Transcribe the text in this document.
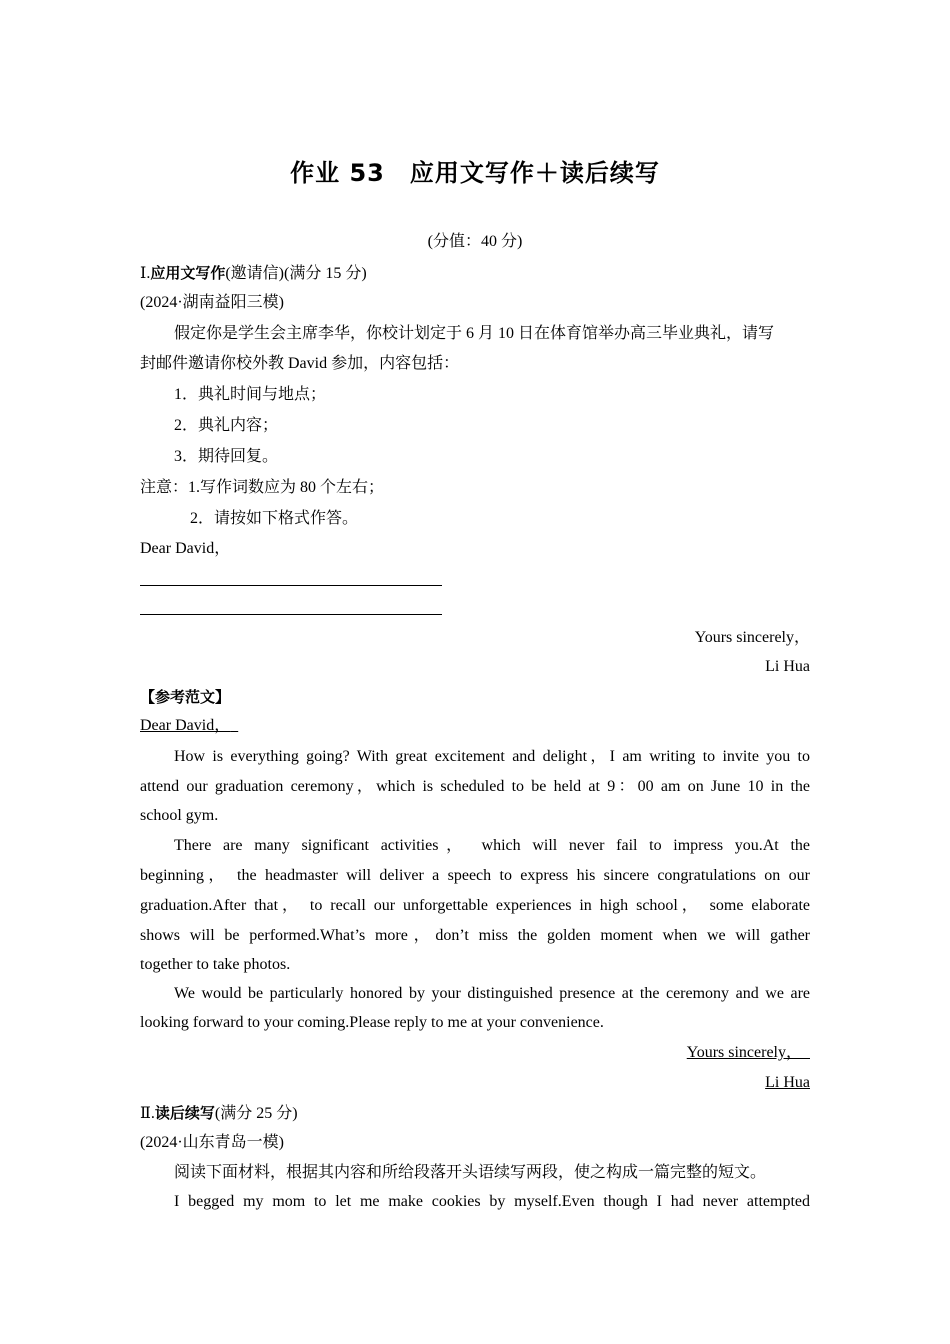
作业 53　应用文写作＋读后续写
(分值：40 分)
Ⅰ.应用文写作(邀请信)(满分 15 分)
(2024·湖南益阳三模)
假定你是学生会主席李华，你校计划定于 6 月 10 日在体育馆举办高三毕业典礼，请写
封邮件邀请你校外教 David 参加，内容包括：
1．典礼时间与地点；
2．典礼内容；
3．期待回复。
注意：1.写作词数应为 80 个左右；
2．请按如下格式作答。
Dear David，
Yours sincerely，
Li Hua
【参考范文】
Dear David，
How is everything going? With great excitement and delight，I am writing to invite you to
attend our graduation ceremony，which is scheduled to be held at 9：00 am on June 10 in the
school gym.
There are many significant activities， which will never fail to impress you.At the
beginning， the headmaster will deliver a speech to express his sincere congratulations on our
graduation.After that， to recall our unforgettable experiences in high school， some elaborate
shows will be performed.What’s more，don’t miss the golden moment when we will gather
together to take photos.
We would be particularly honored by your distinguished presence at the ceremony and we are
looking forward to your coming.Please reply to me at your convenience.
Yours sincerely，
Li Hua
Ⅱ.读后续写(满分 25 分)
(2024·山东青岛一模)
阅读下面材料，根据其内容和所给段落开头语续写两段，使之构成一篇完整的短文。
I begged my mom to let me make cookies by myself.Even though I had never attempted
